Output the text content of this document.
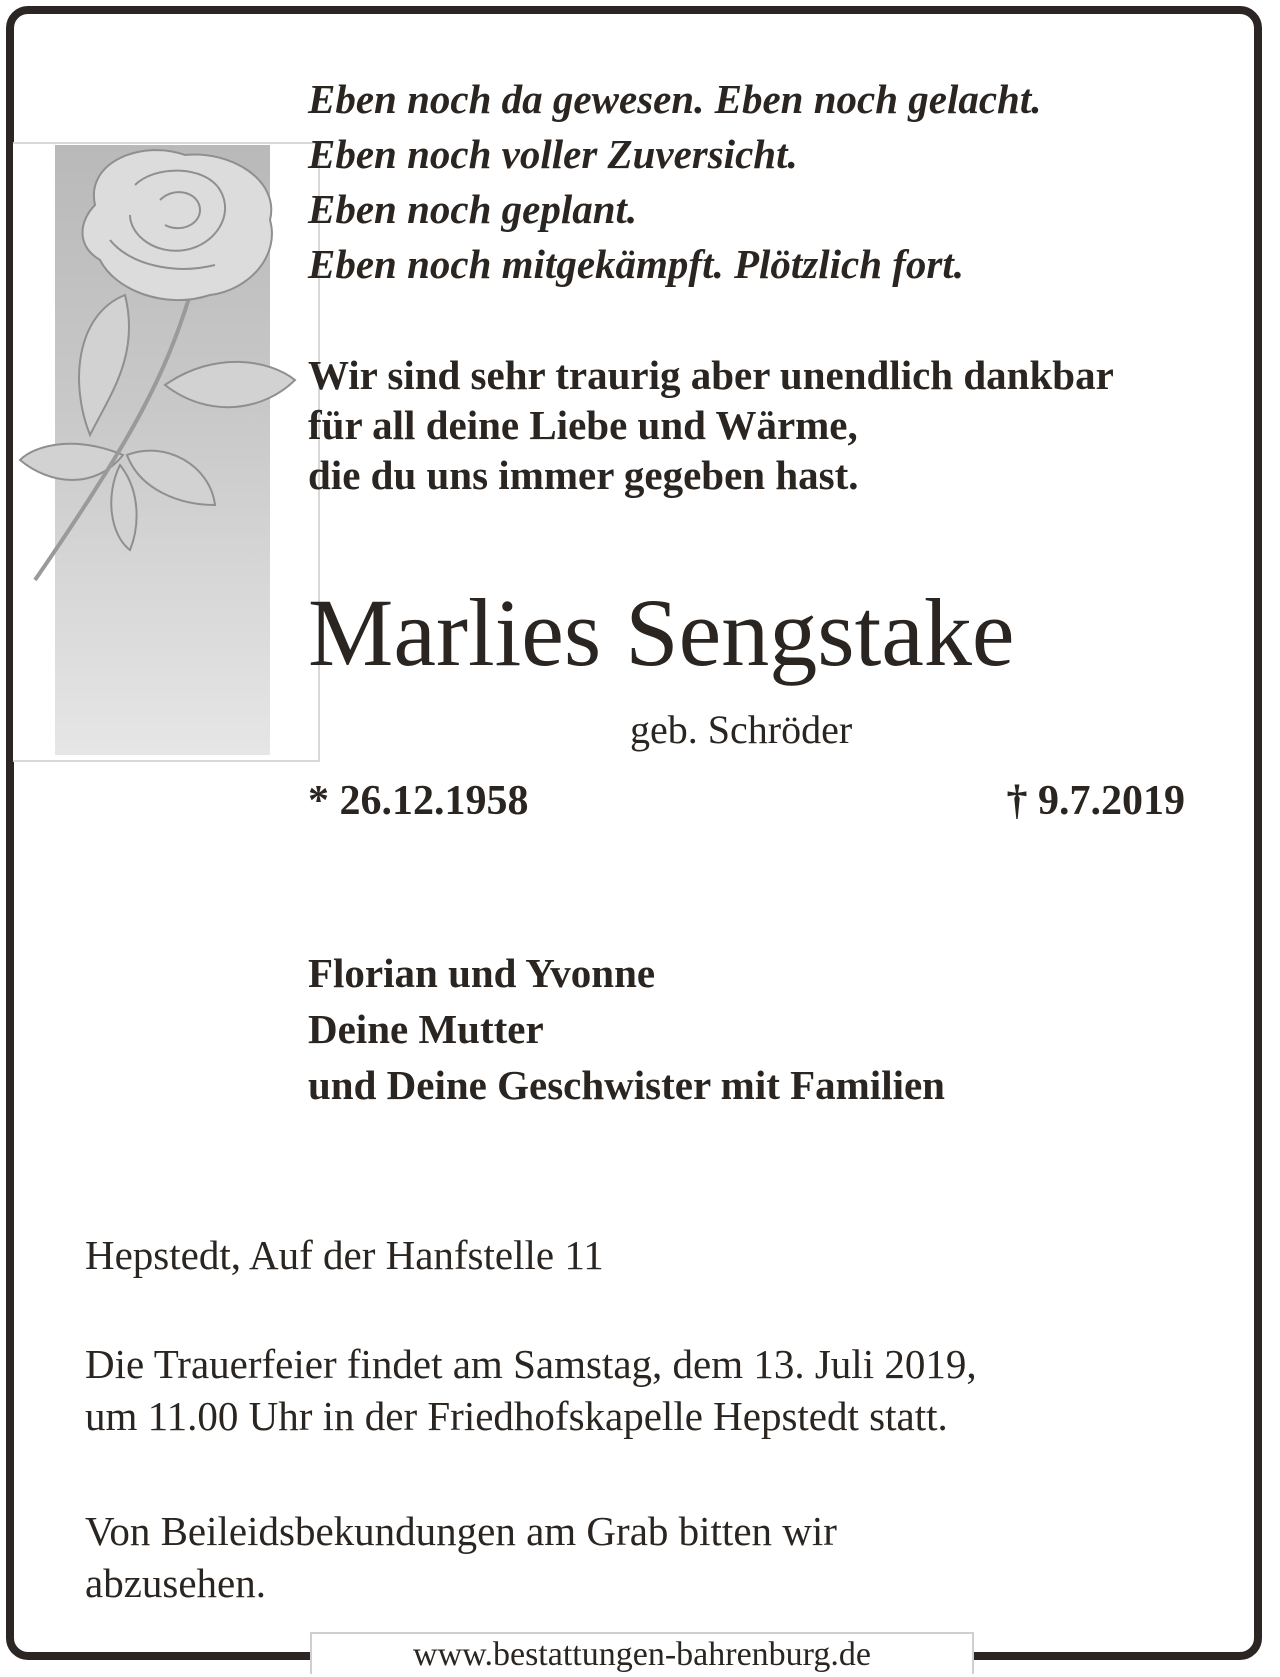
Eben noch da gewesen. Eben noch gelacht.
Eben noch voller Zuversicht.
Eben noch geplant.
Eben noch mitgekämpft. Plötzlich fort.
Wir sind sehr traurig aber unendlich dankbar
für all deine Liebe und Wärme,
die du uns immer gegeben hast.
Marlies Sengstake
geb. Schröder
* 26.12.1958	† 9.7.2019
Florian und Yvonne
Deine Mutter
und Deine Geschwister mit Familien
Hepstedt, Auf der Hanfstelle 11
Die Trauerfeier findet am Samstag, dem 13. Juli 2019,
um 11.00 Uhr in der Friedhofskapelle Hepstedt statt.
Von Beileidsbekundungen am Grab bitten wir
abzusehen.
www.bestattungen-bahrenburg.de
